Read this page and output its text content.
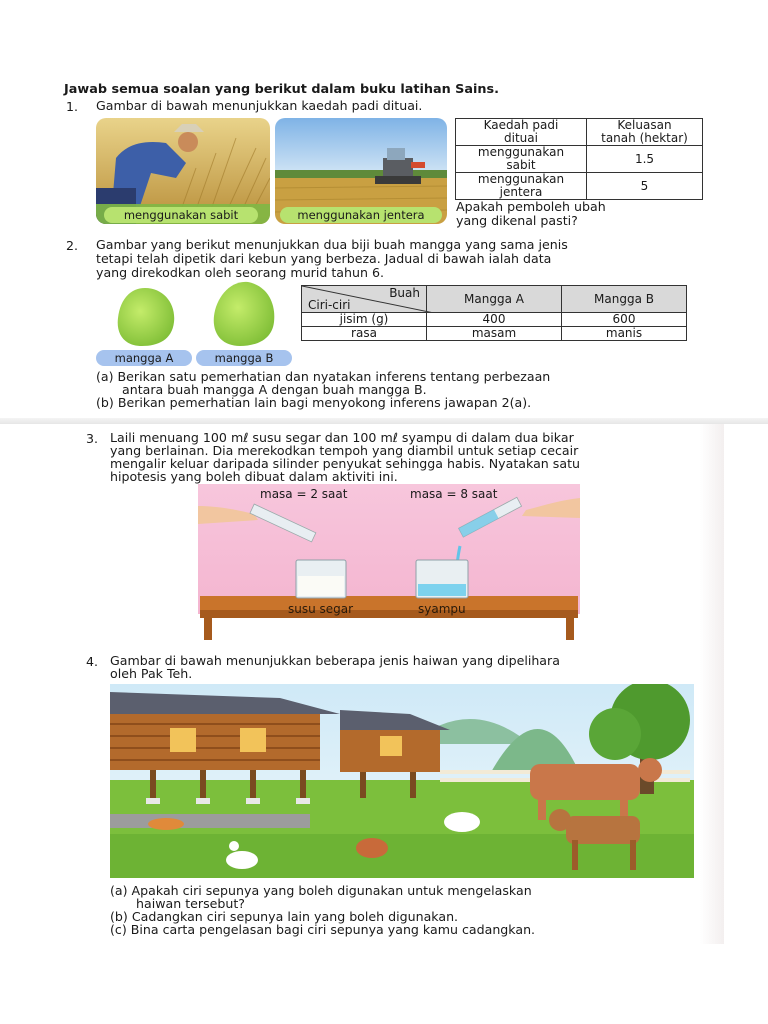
Jawab semua soalan yang berikut dalam buku latihan Sains.
1. Gambar di bawah menunjukkan kaedah padi dituai.
menggunakan sabit	menggunakan jentera
Kaedah padi
dituai	Keluasan
tanah (hektar)
menggunakan
sabit	1.5
menggunakan
jentera	5
Apakah pemboleh ubah
yang dikenal pasti?
2. Gambar yang berikut menunjukkan dua biji buah mangga yang sama jenis
tetapi telah dipetik dari kebun yang berbeza. Jadual di bawah ialah data
yang direkodkan oleh seorang murid tahun 6.
mangga A	mangga B
Buah
Ciri-ciri	Mangga A	Mangga B
jisim (g)	400	600
rasa	masam	manis
(a) Berikan satu pemerhatian dan nyatakan inferens tentang perbezaan
antara buah mangga A dengan buah mangga B.
(b) Berikan pemerhatian lain bagi menyokong inferens jawapan 2(a).
3. Laili menuang 100 mℓ susu segar dan 100 mℓ syampu di dalam dua bikar
yang berlainan. Dia merekodkan tempoh yang diambil untuk setiap cecair
mengalir keluar daripada silinder penyukat sehingga habis. Nyatakan satu
hipotesis yang boleh dibuat dalam aktiviti ini.
masa = 2 saat	masa = 8 saat
susu segar	syampu
4. Gambar di bawah menunjukkan beberapa jenis haiwan yang dipelihara
oleh Pak Teh.
(a) Apakah ciri sepunya yang boleh digunakan untuk mengelaskan
haiwan tersebut?
(b) Cadangkan ciri sepunya lain yang boleh digunakan.
(c) Bina carta pengelasan bagi ciri sepunya yang kamu cadangkan.
